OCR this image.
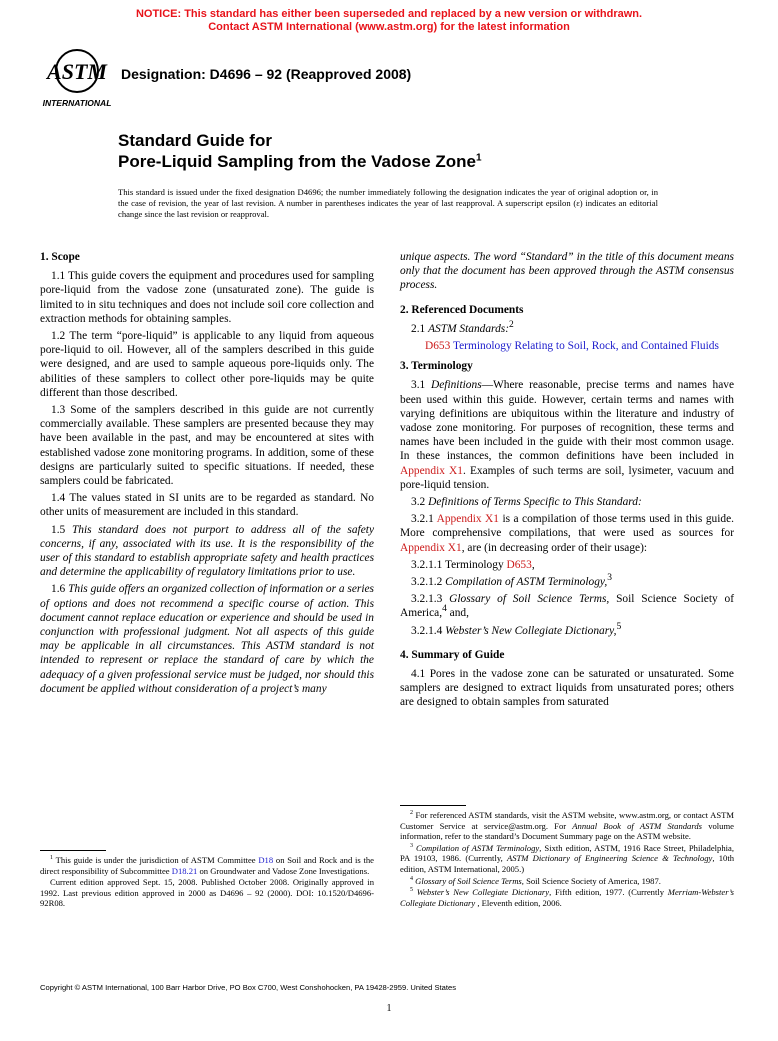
NOTICE: This standard has either been superseded and replaced by a new version or withdrawn.
Contact ASTM International (www.astm.org) for the latest information
ASTM
INTERNATIONAL
Designation: D4696 – 92 (Reapproved 2008)
Standard Guide for
Pore-Liquid Sampling from the Vadose Zone$^1$
This standard is issued under the fixed designation D4696; the number immediately following the designation indicates the year of original adoption or, in the case of revision, the year of last revision. A number in parentheses indicates the year of last reapproval. A superscript epsilon (ε) indicates an editorial change since the last revision or reapproval.
1. Scope

1.1 This guide covers the equipment and procedures used for sampling pore-liquid from the vadose zone (unsaturated zone). The guide is limited to in situ techniques and does not include soil core collection and extraction methods for obtaining samples.

1.2 The term “pore-liquid” is applicable to any liquid from aqueous pore-liquid to oil. However, all of the samplers described in this guide were designed, and are used to sample aqueous pore-liquids only. The abilities of these samplers to collect other pore-liquids may be quite different than those described.

1.3 Some of the samplers described in this guide are not currently commercially available. These samplers are presented because they may have been available in the past, and may be encountered at sites with established vadose zone monitoring programs. In addition, some of these designs are particularly suited to specific situations. If needed, these samplers could be fabricated.

1.4 The values stated in SI units are to be regarded as standard. No other units of measurement are included in this standard.

1.5 This standard does not purport to address all of the safety concerns, if any, associated with its use. It is the responsibility of the user of this standard to establish appropriate safety and health practices and determine the applicability of regulatory limitations prior to use.

1.6 This guide offers an organized collection of information or a series of options and does not recommend a specific course of action. This document cannot replace education or experience and should be used in conjunction with professional judgment. Not all aspects of this guide may be applicable in all circumstances. This ASTM standard is not intended to represent or replace the standard of care by which the adequacy of a given professional service must be judged, nor should this document be applied without consideration of a project’s many

unique aspects. The word “Standard” in the title of this document means only that the document has been approved through the ASTM consensus process.

2. Referenced Documents

2.1 ASTM Standards:$^2$

D653 Terminology Relating to Soil, Rock, and Contained Fluids

3. Terminology

3.1 Definitions—Where reasonable, precise terms and names have been used within this guide. However, certain terms and names with varying definitions are ubiquitous within the literature and industry of vadose zone monitoring. For purposes of recognition, these terms and names have been included in the guide with their most common usage. In these instances, the common definitions have been included in Appendix X1. Examples of such terms are soil, lysimeter, vacuum and pore-liquid tension.

3.2 Definitions of Terms Specific to This Standard:

3.2.1 Appendix X1 is a compilation of those terms used in this guide. More comprehensive compilations, that were used as sources for Appendix X1, are (in decreasing order of their usage):

3.2.1.1 Terminology D653,

3.2.1.2 Compilation of ASTM Terminology,$^3$

3.2.1.3 Glossary of Soil Science Terms, Soil Science Society of America,$^4$ and,

3.2.1.4 Webster’s New Collegiate Dictionary,$^5$

4. Summary of Guide

4.1 Pores in the vadose zone can be saturated or unsaturated. Some samplers are designed to extract liquids from unsaturated pores; others are designed to obtain samples from saturated

$^1$ This guide is under the jurisdiction of ASTM Committee D18 on Soil and Rock and is the direct responsibility of Subcommittee D18.21 on Groundwater and Vadose Zone Investigations.

Current edition approved Sept. 15, 2008. Published October 2008. Originally approved in 1992. Last previous edition approved in 2000 as D4696 – 92 (2000). DOI: 10.1520/D4696-92R08.

$^2$ For referenced ASTM standards, visit the ASTM website, www.astm.org, or contact ASTM Customer Service at service@astm.org. For Annual Book of ASTM Standards volume information, refer to the standard’s Document Summary page on the ASTM website.

$^3$ Compilation of ASTM Terminology, Sixth edition, ASTM, 1916 Race Street, Philadelphia, PA 19103, 1986. (Currently, ASTM Dictionary of Engineering Science & Technology, 10th edition, ASTM International, 2005.)

$^4$ Glossary of Soil Science Terms, Soil Science Society of America, 1987.

$^5$ Webster’s New Collegiate Dictionary, Fifth edition, 1977. (Currently Merriam-Webster’s Collegiate Dictionary , Eleventh edition, 2006.

Copyright © ASTM International, 100 Barr Harbor Drive, PO Box C700, West Conshohocken, PA 19428-2959. United States
1
